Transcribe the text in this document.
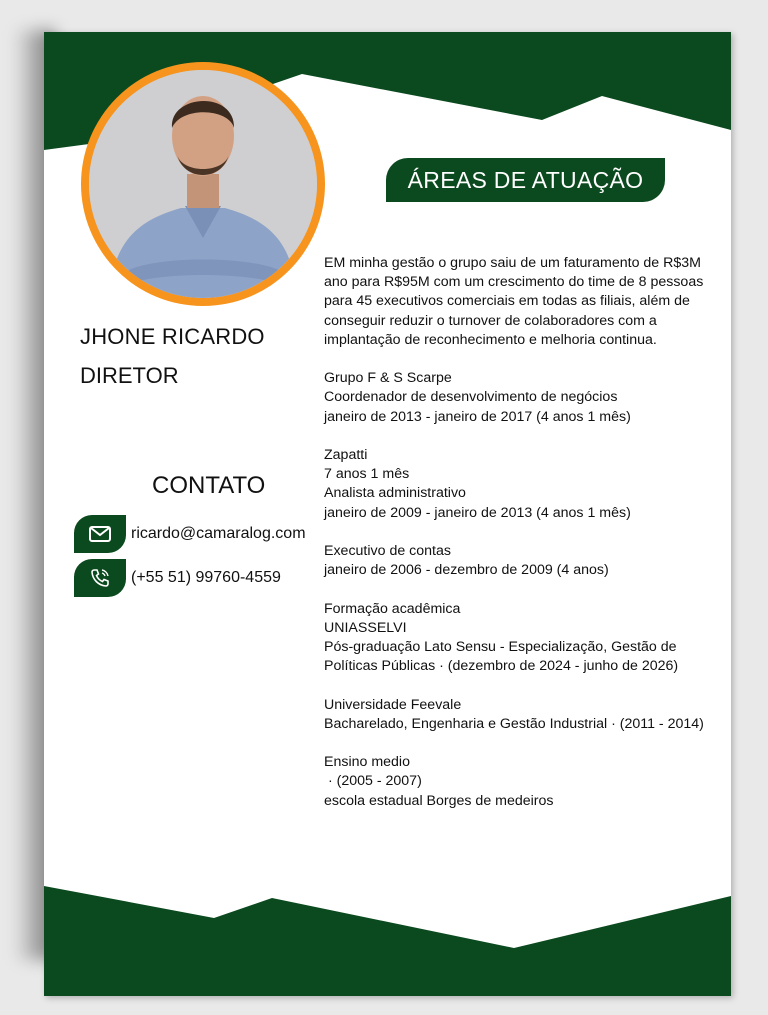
JHONE RICARDO
DIRETOR
CONTATO
ricardo@camaralog.com
(+55 51) 99760-4559
ÁREAS DE ATUAÇÃO

EM minha gestão o grupo saiu de um faturamento de R$3M
ano para R$95M com um crescimento do time de 8 pessoas
para 45 executivos comerciais em todas as filiais, além de
conseguir reduzir o turnover de colaboradores com a
implantação de reconhecimento e melhoria continua.

Grupo F & S Scarpe
Coordenador de desenvolvimento de negócios
janeiro de 2013 - janeiro de 2017 (4 anos 1 mês)

Zapatti
7 anos 1 mês
Analista administrativo
janeiro de 2009 - janeiro de 2013 (4 anos 1 mês)

Executivo de contas
janeiro de 2006 - dezembro de 2009 (4 anos)

Formação acadêmica
UNIASSELVI
Pós-graduação Lato Sensu - Especialização, Gestão de
Políticas Públicas · (dezembro de 2024 - junho de 2026)

Universidade Feevale
Bacharelado, Engenharia e Gestão Industrial · (2011 - 2014)

Ensino medio
· (2005 - 2007)
escola estadual Borges de medeiros
